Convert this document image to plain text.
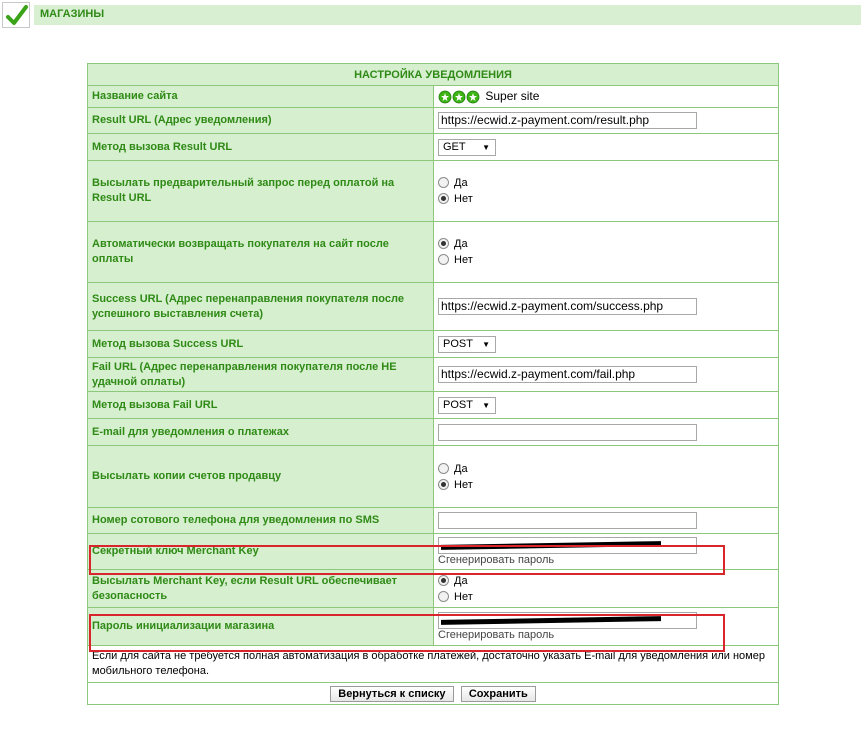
МАГАЗИНЫ
НАСТРОЙКА УВЕДОМЛЕНИЯ	
Название сайта	Super site
Result URL (Адрес уведомления)	https://ecwid.z-payment.com/result.php
Метод вызова Result URL	GET ▼

Высылать предварительный запрос перед оплатой на Result URL	Да
Нет

Автоматически возвращать покупателя на сайт после оплаты	Да
Нет

Success URL (Адрес перенаправления покупателя после успешного выставления счета)	https://ecwid.z-payment.com/success.php
Метод вызова Success URL	POST ▼

Fail URL (Адрес перенаправления покупателя после НЕ удачной оплаты)	https://ecwid.z-payment.com/fail.php
Метод вызова Fail URL	POST ▼

E-mail для уведомления о платежах	
Высылать копии счетов продавцу	Да
Нет

Номер сотового телефона для уведомления по SMS	
Секретный ключ Merchant Key	Сгенерировать пароль

Высылать Merchant Key, если Result URL обеспечивает безопасность	Да
Нет

Пароль инициализации магазина	Сгенерировать пароль

Если для сайта не требуется полная автоматизация в обработке платежей, достаточно указать E-mail для уведомления или номер мобильного телефона.	
Вернуться к списку Сохранить	
